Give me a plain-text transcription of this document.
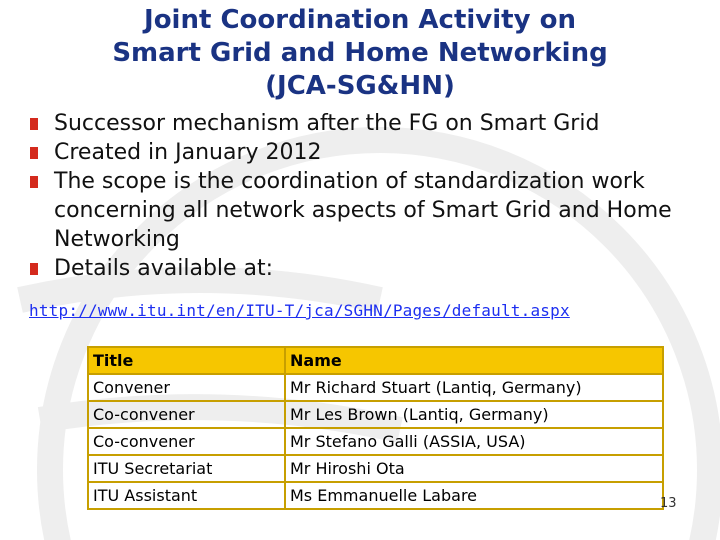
Joint Coordination Activity on
Smart Grid and Home Networking
(JCA-SG&HN)
Successor mechanism after the FG on Smart Grid
Created in January 2012
The scope is the coordination of standardization work concerning all network aspects of Smart Grid and Home Networking
Details available at:
http://www.itu.int/en/ITU-T/jca/SGHN/Pages/default.aspx
Title	Name
Convener	Mr Richard Stuart (Lantiq, Germany)
Co-convener	Mr Les Brown (Lantiq, Germany)
Co-convener	Mr Stefano Galli (ASSIA, USA)
ITU Secretariat	Mr Hiroshi Ota
ITU Assistant	Ms Emmanuelle Labare	13
